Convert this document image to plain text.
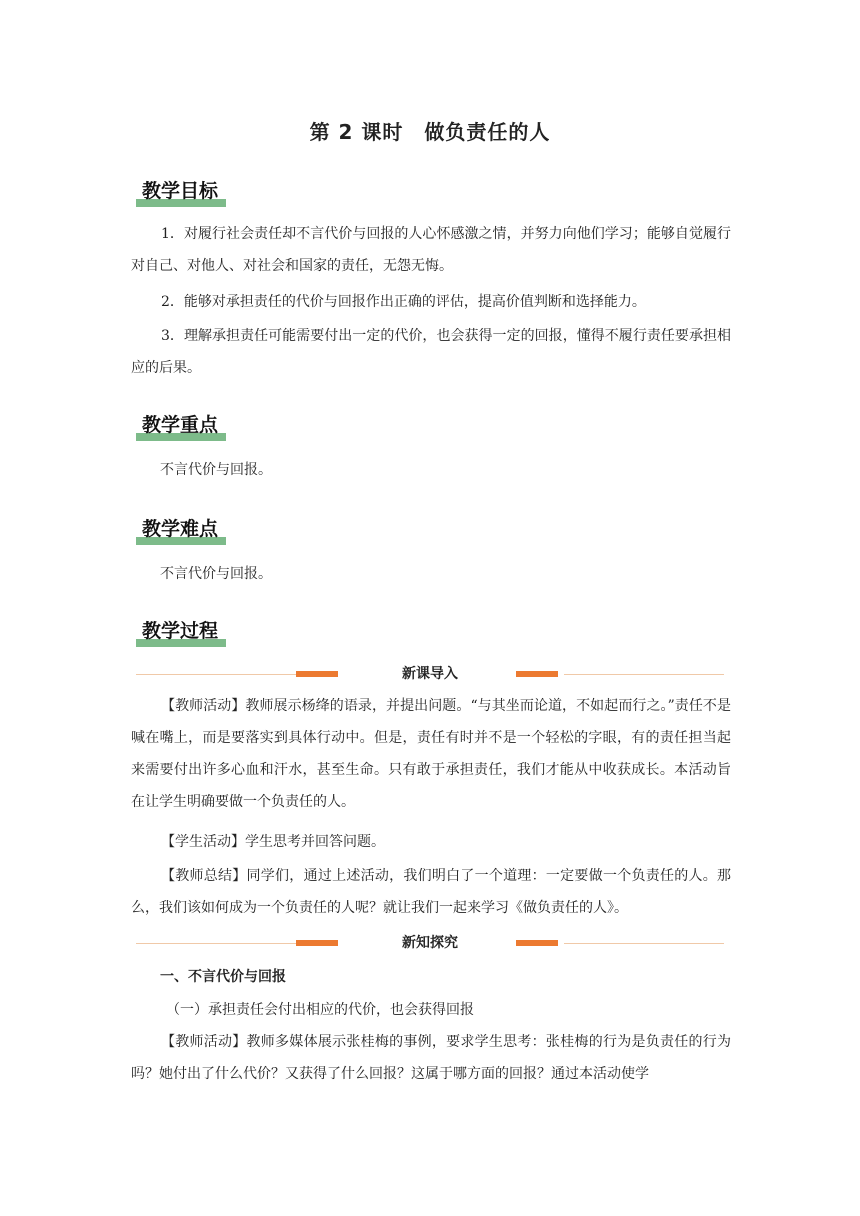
第 2 课时　做负责任的人
教学目标
1．对履行社会责任却不言代价与回报的人心怀感激之情，并努力向他们学习；能够自觉履行对自己、对他人、对社会和国家的责任，无怨无悔。
2．能够对承担责任的代价与回报作出正确的评估，提高价值判断和选择能力。
3．理解承担责任可能需要付出一定的代价，也会获得一定的回报，懂得不履行责任要承担相应的后果。
教学重点
不言代价与回报。
教学难点
不言代价与回报。
教学过程
新课导入
【教师活动】教师展示杨绛的语录，并提出问题。“与其坐而论道，不如起而行之。”责任不是喊在嘴上，而是要落实到具体行动中。但是，责任有时并不是一个轻松的字眼，有的责任担当起来需要付出许多心血和汗水，甚至生命。只有敢于承担责任，我们才能从中收获成长。本活动旨在让学生明确要做一个负责任的人。
【学生活动】学生思考并回答问题。
【教师总结】同学们，通过上述活动，我们明白了一个道理：一定要做一个负责任的人。那么，我们该如何成为一个负责任的人呢？就让我们一起来学习《做负责任的人》。
新知探究
一、不言代价与回报
（一）承担责任会付出相应的代价，也会获得回报
【教师活动】教师多媒体展示张桂梅的事例，要求学生思考：张桂梅的行为是负责任的行为吗？她付出了什么代价？又获得了什么回报？这属于哪方面的回报？通过本活动使学
